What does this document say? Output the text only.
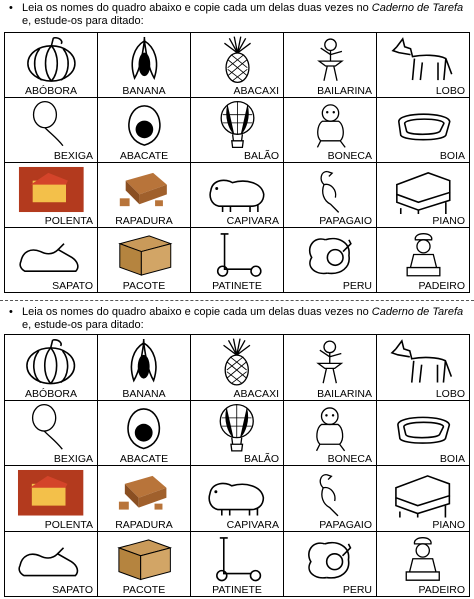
• Leia os nomes do quadro abaixo e copie cada um delas duas vezes no Caderno de Tarefa e, estude-os para ditado:
ABÓBORA	BANANA	ABACAXI	BAILARINA	LOBO

BEXIGA	ABACATE	BALÃO	BONECA	BOIA

POLENTA	RAPADURA	CAPIVARA	PAPAGAIO	PIANO

SAPATO	PACOTE	PATINETE	PERU	PADEIRO
• Leia os nomes do quadro abaixo e copie cada um delas duas vezes no Caderno de Tarefa e, estude-os para ditado:
ABÓBORA	BANANA	ABACAXI	BAILARINA	LOBO

BEXIGA	ABACATE	BALÃO	BONECA	BOIA

POLENTA	RAPADURA	CAPIVARA	PAPAGAIO	PIANO

SAPATO	PACOTE	PATINETE	PERU	PADEIRO
